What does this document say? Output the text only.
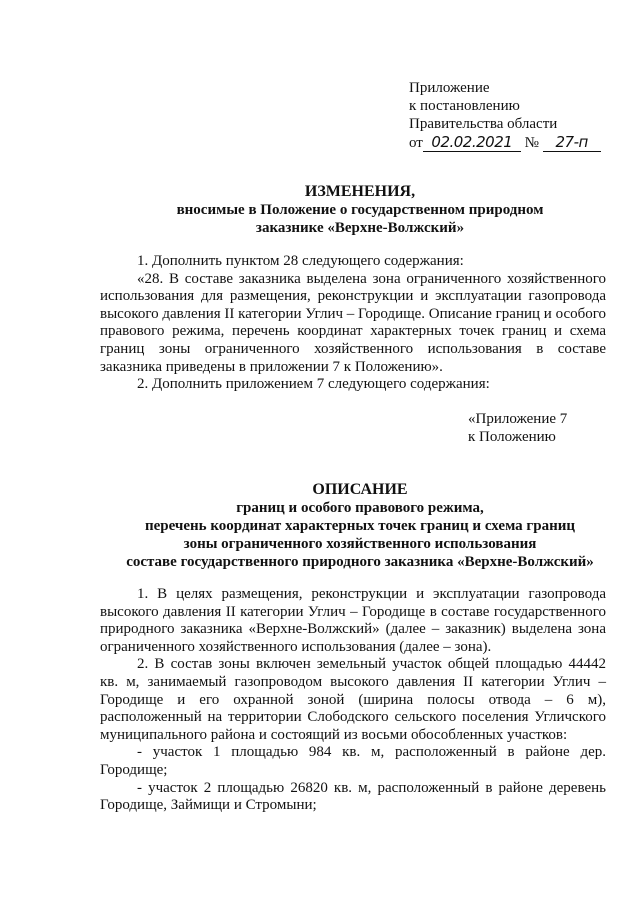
Приложение
к постановлению
Правительства области
от 02.02.2021 № 27-п
ИЗМЕНЕНИЯ,
вносимые в Положение о государственном природном
заказнике «Верхне-Волжский»
1. Дополнить пунктом 28 следующего содержания:
«28. В составе заказника выделена зона ограниченного хозяйственного использования для размещения, реконструкции и эксплуатации газопровода высокого давления II категории Углич – Городище. Описание границ и особого правового режима, перечень координат характерных точек границ и схема границ зоны ограниченного хозяйственного использования в составе заказника приведены в приложении 7 к Положению».
2. Дополнить приложением 7 следующего содержания:
«Приложение 7
к Положению
ОПИСАНИЕ
границ и особого правового режима,
перечень координат характерных точек границ и схема границ
зоны ограниченного хозяйственного использования
составе государственного природного заказника «Верхне-Волжский»
1. В целях размещения, реконструкции и эксплуатации газопровода высокого давления II категории Углич – Городище в составе государственного природного заказника «Верхне-Волжский» (далее – заказник) выделена зона ограниченного хозяйственного использования (далее – зона).
2. В состав зоны включен земельный участок общей площадью 44442 кв. м, занимаемый газопроводом высокого давления II категории Углич – Городище и его охранной зоной (ширина полосы отвода – 6 м), расположенный на территории Слободского сельского поселения Угличского муниципального района и состоящий из восьми обособленных участков:
- участок 1 площадью 984 кв. м, расположенный в районе дер. Городище;
- участок 2 площадью 26820 кв. м, расположенный в районе деревень Городище, Займищи и Стромыни;
